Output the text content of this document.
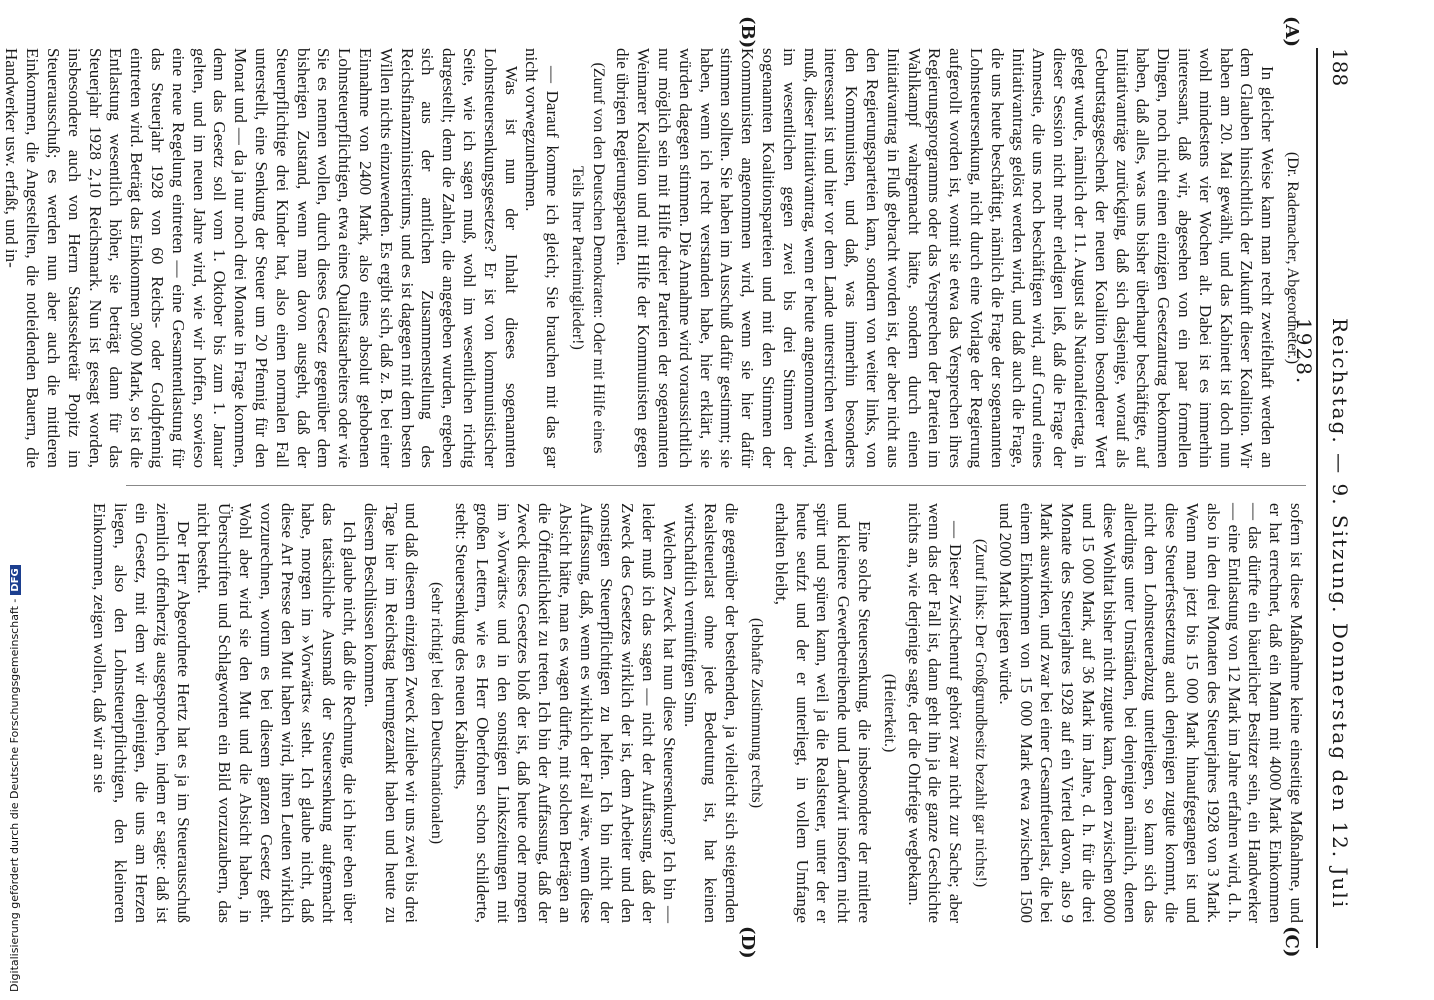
188
Reichstag. — 9. Sitzung. Donnerstag den 12. Juli 1928.
(A)
(B)
(C)
(D)

(Dr. Rademacher, Abgeordneter.)

In gleicher Weise kann man recht zweifelhaft werden an dem Glauben hinsichtlich der Zukunft dieser Koalition. Wir haben am 20. Mai gewählt, und das Kabinett ist doch nun wohl mindestens vier Wochen alt. Dabei ist es immerhin interessant, daß wir, abgesehen von ein paar formellen Dingen, noch nicht einen einzigen Gesetzantrag bekommen haben, daß alles, was uns bisher überhaupt beschäftigte, auf Initiativanträge zurückging, daß sich dasjenige, worauf als Geburtstagsgeschenk der neuen Koalition besonderer Wert gelegt wurde, nämlich der 11. August als Nationalfeiertag, in dieser Session nicht mehr erledigen ließ, daß die Frage der Amnestie, die uns noch beschäftigen wird, auf Grund eines Initiativantrags gelöst werden wird, und daß auch die Frage, die uns heute beschäftigt, nämlich die Frage der sogenannten Lohnsteuersenkung, nicht durch eine Vorlage der Regierung aufgerollt worden ist, womit sie etwa das Versprechen ihres Regierungsprogramms oder das Versprechen der Parteien im Wahlkampf wahrgemacht hätte, sondern durch einen Initiativantrag in Fluß gebracht worden ist, der aber nicht aus den Regierungsparteien kam, sondern von weiter links, von den Kommunisten, und daß, was immerhin besonders interessant ist und hier vor dem Lande unterstrichen werden muß, dieser Initiativantrag, wenn er heute angenommen wird, im wesentlichen gegen zwei bis drei Stimmen der sogenannten Koalitionsparteien und mit den Stimmen der Kommunisten angenommen wird, wenn sie hier dafür stimmen sollten. Sie haben im Ausschuß dafür gestimmt; sie haben, wenn ich recht verstanden habe, hier erklärt, sie würden dagegen stimmen. Die Annahme wird voraussichtlich nur möglich sein mit Hilfe dreier Parteien der sogenannten Weimarer Koalition und mit Hilfe der Kommunisten gegen die übrigen Regierungsparteien.

(Zuruf von den Deutschen Demokraten: Oder mit Hilfe eines Teils Ihrer Parteimitglieder!)

— Darauf komme ich gleich; Sie brauchen mit das gar nicht vorwegzunehmen.

Was ist nun der Inhalt dieses sogenannten Lohnsteuersenkungsgesetzes? Er ist von kommunistischer Seite, wie ich sagen muß, wohl im wesentlichen richtig dargestellt; denn die Zahlen, die angegeben wurden, ergeben sich aus der amtlichen Zusammenstellung des Reichsfinanzministeriums, und es ist dagegen mit dem besten Willen nichts einzuwenden. Es ergibt sich, daß z. B. bei einer Einnahme von 2400 Mark, also eines absolut gehobenen Lohnsteuerpflichtigen, etwa eines Qualitätsarbeiters oder wie Sie es nennen wollen, durch dieses Gesetz gegenüber dem bisherigen Zustand, wenn man davon ausgeht, daß der Steuerpflichtige drei Kinder hat, also einen normalen Fall unterstellt, eine Senkung der Steuer um 20 Pfennig für den Monat und — da ja nur noch drei Monate in Frage kommen, denn das Gesetz soll vom 1. Oktober bis zum 1. Januar gelten, und im neuen Jahre wird, wie wir hoffen, sowieso eine neue Regelung eintreten — eine Gesamtentlastung für das Steuerjahr 1928 von 60 Reichs- oder Goldpfennig eintreten wird. Beträgt das Einkommen 3000 Mark, so ist die Entlastung wesentlich höher, sie beträgt dann für das Steuerjahr 1928 2,10 Reichsmark. Nun ist gesagt worden, insbesondere auch von Herrn Staatssekretär Popitz im Steuerausschuß; es werden nun aber auch die mittleren Einkommen, die Angestellten, die notleidenden Bauern, die Handwerker usw. erfaßt, und in-

sofern ist diese Maßnahme keine einseitige Maßnahme, und er hat errechnet, daß ein Mann mit 4000 Mark Einkommen — das dürfte ein bäuerlicher Besitzer sein, ein Handwerker — eine Entlastung von 12 Mark im Jahre erfahren wird, d. h. also in den drei Monaten des Steuerjahres 1928 von 3 Mark. Wenn man jetzt bis 15 000 Mark hinaufgegangen ist und diese Steuerfestsetzung auch denjenigen zugute kommt, die nicht dem Lohnsteuerabzug unterliegen, so kann sich das allerdings unter Umständen, bei denjenigen nämlich, denen diese Wohltat bisher nicht zugute kam, denen zwischen 8000 und 15 000 Mark, auf 36 Mark im Jahre, d. h. für die drei Monate des Steuerjahres 1928 auf ein Viertel davon, also 9 Mark auswirken, und zwar bei einer Gesamtfeuerlast, die bei einem Einkommen von 15 000 Mark etwa zwischen 1500 und 2000 Mark liegen würde.

(Zuruf links: Der Großgrundbesitz bezahlt gar nichts!)

— Dieser Zwischenruf gehört zwar nicht zur Sache; aber wenn das der Fall ist, dann geht ihn ja die ganze Geschichte nichts an, wie derjenige sagte, der die Ohrfeige wegbekam.

(Heiterkeit.)

Eine solche Steuersenkung, die insbesondere der mittlere und kleinere Gewerbetreibende und Landwirt insofern nicht spürt und spüren kann, weil ja die Realsteuer, unter der er heute seufzt und der er unterliegt, in vollem Umfange erhalten bleibt,

(lebhafte Zustimmung rechts)

die gegenüber der bestehenden, ja vielleicht sich steigernden Realsteuerlast ohne jede Bedeutung ist, hat keinen wirtschaftlich vernünftigen Sinn.

Welchen Zweck hat nun diese Steuersenkung? Ich bin — leider muß ich das sagen — nicht der Auffassung, daß der Zweck des Gesetzes wirklich der ist, dem Arbeiter und den sonstigen Steuerpflichtigen zu helfen. Ich bin nicht der Auffassung, daß, wenn es wirklich der Fall wäre, wenn diese Absicht hätte, man es wagen dürfte, mit solchen Beträgen an die Öffentlichkeit zu treten. Ich bin der Auffassung, daß der Zweck dieses Gesetzes bloß der ist, daß heute oder morgen im »Vorwärts« und in den sonstigen Linkszeitungen mit großen Lettern, wie es Herr Oberfohren schon schilderte, steht: Steuersenkung des neuen Kabinetts,

(sehr richtig! bei den Deutschnationalen)

und daß diesem einzigen Zweck zuliebe wir uns zwei bis drei Tage hier im Reichstag herumgezankt haben und heute zu diesem Beschlüssen kommen.

Ich glaube nicht, daß die Rechnung, die ich hier eben über das tatsächliche Ausmaß der Steuersenkung aufgemacht habe, morgen im »Vorwärts« steht. Ich glaube nicht, daß diese Art Presse den Mut haben wird, ihren Leuten wirklich vorzurechnen, worum es bei diesem ganzen Gesetz geht. Wohl aber wird sie den Mut und die Absicht haben, in Überschriften und Schlagworten ein Bild vorzuzaubern, das nicht besteht.

Der Herr Abgeordnete Hertz hat es ja im Steuerausschuß ziemlich offenherzig ausgesprochen, indem er sagte: daß ist ein Gesetz, mit dem wir denjenigen, die uns am Herzen liegen, also den Lohnsteuerpflichtigen, den kleineren Einkommen, zeigen wollen, daß wir an sie

Digitalisierung gefördert durch die Deutsche Forschungsgemeinschaft -DFG
